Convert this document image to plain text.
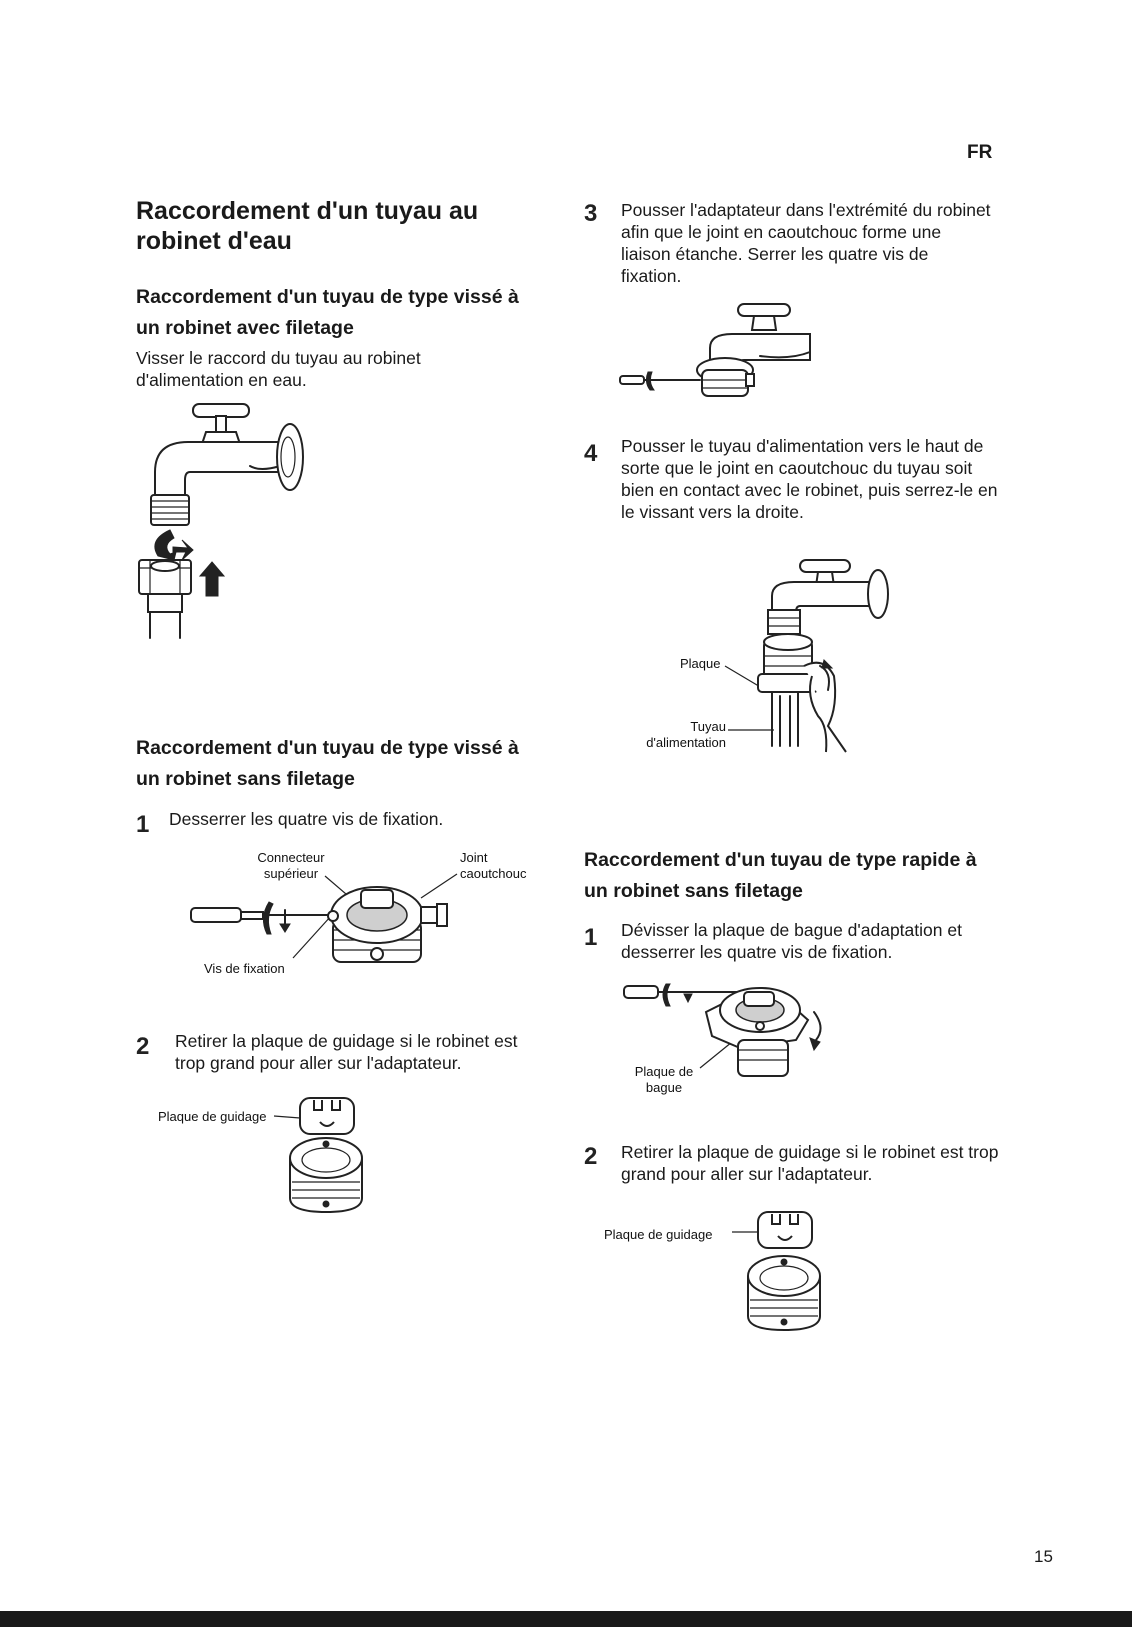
FR
Raccordement d'un tuyau au robinet d'eau
Raccordement d'un tuyau de type vissé à un robinet avec filetage
Visser le raccord du tuyau au robinet d'alimentation en eau.
Raccordement d'un tuyau de type vissé à un robinet sans filetage
1 Desserrer les quatre vis de fixation.
Connecteur supérieur
Joint caoutchouc
Vis de fixation
2 Retirer la plaque de guidage si le robinet est trop grand pour aller sur l'adaptateur.
Plaque de guidage
3 Pousser l'adaptateur dans l'extrémité du robinet afin que le joint en caoutchouc forme une liaison étanche. Serrer les quatre vis de fixation.
4 Pousser le tuyau d'alimentation vers le haut de sorte que le joint en caoutchouc du tuyau soit bien en contact avec le robinet, puis serrez-le en le vissant vers la droite.
Plaque
Tuyau d'alimentation
Raccordement d'un tuyau de type rapide à un robinet sans filetage
1 Dévisser la plaque de bague d'adaptation et desserrer les quatre vis de fixation.
Plaque de bague
2 Retirer la plaque de guidage si le robinet est trop grand pour aller sur l'adaptateur.
Plaque de guidage
15
